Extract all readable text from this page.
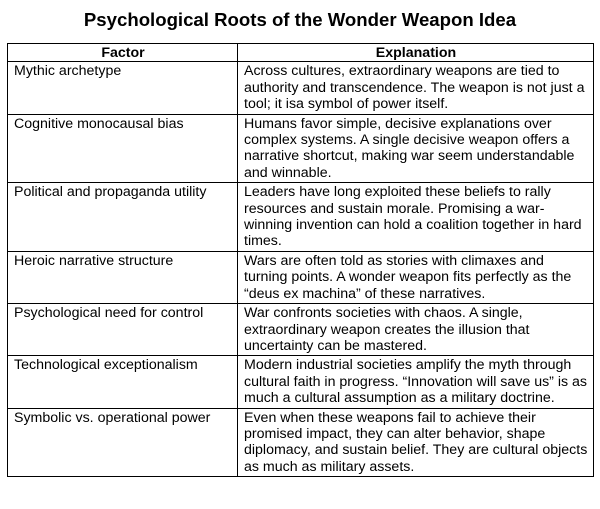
Psychological Roots of the Wonder Weapon Idea
Factor	Explanation
Mythic archetype	Across cultures, extraordinary weapons are tied to authority and transcendence. The weapon is not just a tool; it isa symbol of power itself.
Cognitive monocausal bias	Humans favor simple, decisive explanations over complex systems. A single decisive weapon offers a narrative shortcut, making war seem understandable and winnable.
Political and propaganda utility	Leaders have long exploited these beliefs to rally resources and sustain morale. Promising a war-winning invention can hold a coalition together in hard times.
Heroic narrative structure	Wars are often told as stories with climaxes and turning points. A wonder weapon fits perfectly as the “deus ex machina” of these narratives.
Psychological need for control	War confronts societies with chaos. A single, extraordinary weapon creates the illusion that uncertainty can be mastered.
Technological exceptionalism	Modern industrial societies amplify the myth through cultural faith in progress. “Innovation will save us” is as much a cultural assumption as a military doctrine.
Symbolic vs. operational power	Even when these weapons fail to achieve their promised impact, they can alter behavior, shape diplomacy, and sustain belief. They are cultural objects as much as military assets.
